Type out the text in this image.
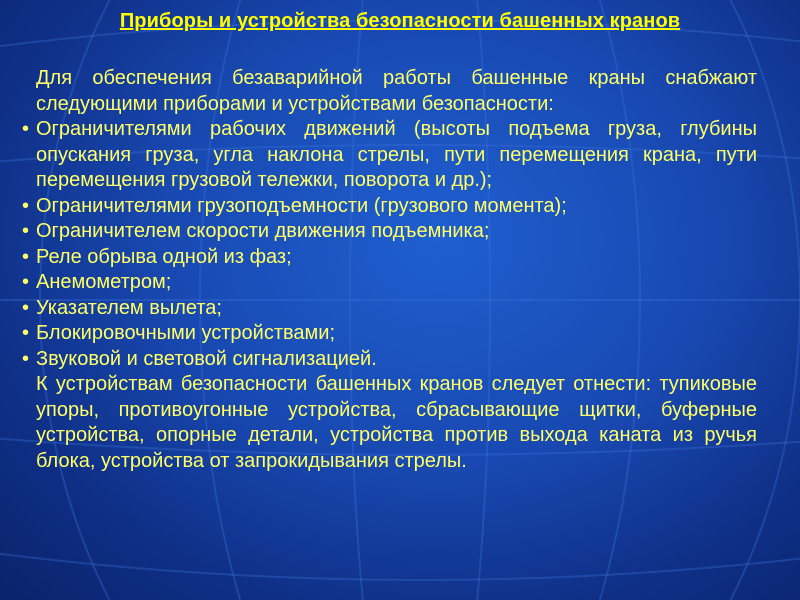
Приборы и устройства безопасности башенных кранов

Для обеспечения безаварийной работы башенные краны снабжают следующими приборами и устройствами безопасности:

• Ограничителями рабочих движений (высоты подъема груза, глубины опускания груза, угла наклона стрелы, пути перемещения крана, пути перемещения грузовой тележки, поворота и др.);
• Ограничителями грузоподъемности (грузового момента);
• Ограничителем скорости движения подъемника;
• Реле обрыва одной из фаз;
• Анемометром;
• Указателем вылета;
• Блокировочными устройствами;
• Звуковой и световой сигнализацией.

К устройствам безопасности башенных кранов следует отнести: тупиковые упоры, противоугонные устройства, сбрасывающие щитки, буферные устройства, опорные детали, устройства против выхода каната из ручья блока, устройства от запрокидывания стрелы.
